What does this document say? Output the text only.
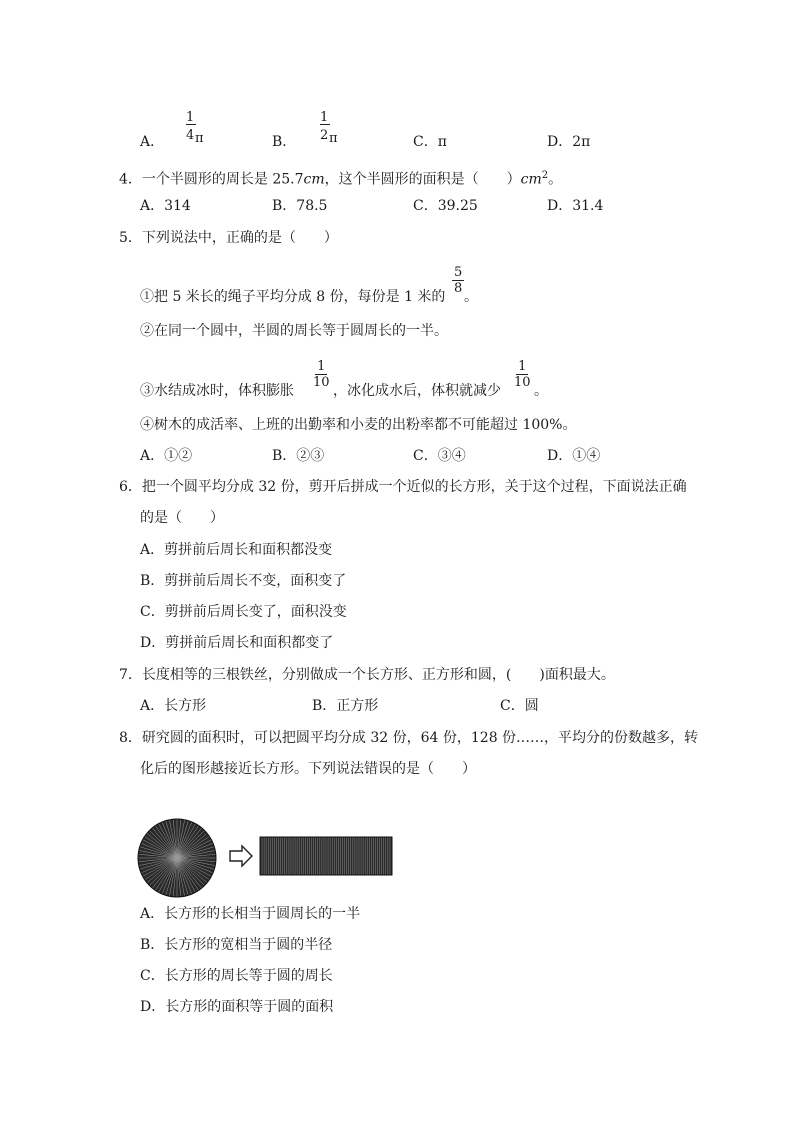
A．
1
4 π	B．
1
2 π	C．π	D．2π
4．一个半圆形的周长是 25.7cm，这个半圆形的面积是（　　）$cm^2$。
A．314	B．78.5	C．39.25	D．31.4
5．下列说法中，正确的是（　　）
①把 5 米长的绳子平均分成 8 份，每份是 1 米的
$\frac{5}{8}$
。
②在同一个圆中，半圆的周长等于圆周长的一半。
③水结成冰时，体积膨胀
$\frac{1}{10}$
，冰化成水后，体积就减少
$\frac{1}{10}$
。
④树木的成活率、上班的出勤率和小麦的出粉率都不可能超过 100%。
A．①②	B．②③	C．③④	D．①④
6．把一个圆平均分成 32 份，剪开后拼成一个近似的长方形，关于这个过程，下面说法正确
的是（　　）
A．剪拼前后周长和面积都没变
B．剪拼前后周长不变，面积变了
C．剪拼前后周长变了，面积没变
D．剪拼前后周长和面积都变了
7．长度相等的三根铁丝，分别做成一个长方形、正方形和圆，(　　)面积最大。
A．长方形	B．正方形	C．圆
8．研究圆的面积时，可以把圆平均分成 32 份，64 份，128 份……，平均分的份数越多，转
化后的图形越接近长方形。下列说法错误的是（　　）
A．长方形的长相当于圆周长的一半
B．长方形的宽相当于圆的半径
C．长方形的周长等于圆的周长
D．长方形的面积等于圆的面积
